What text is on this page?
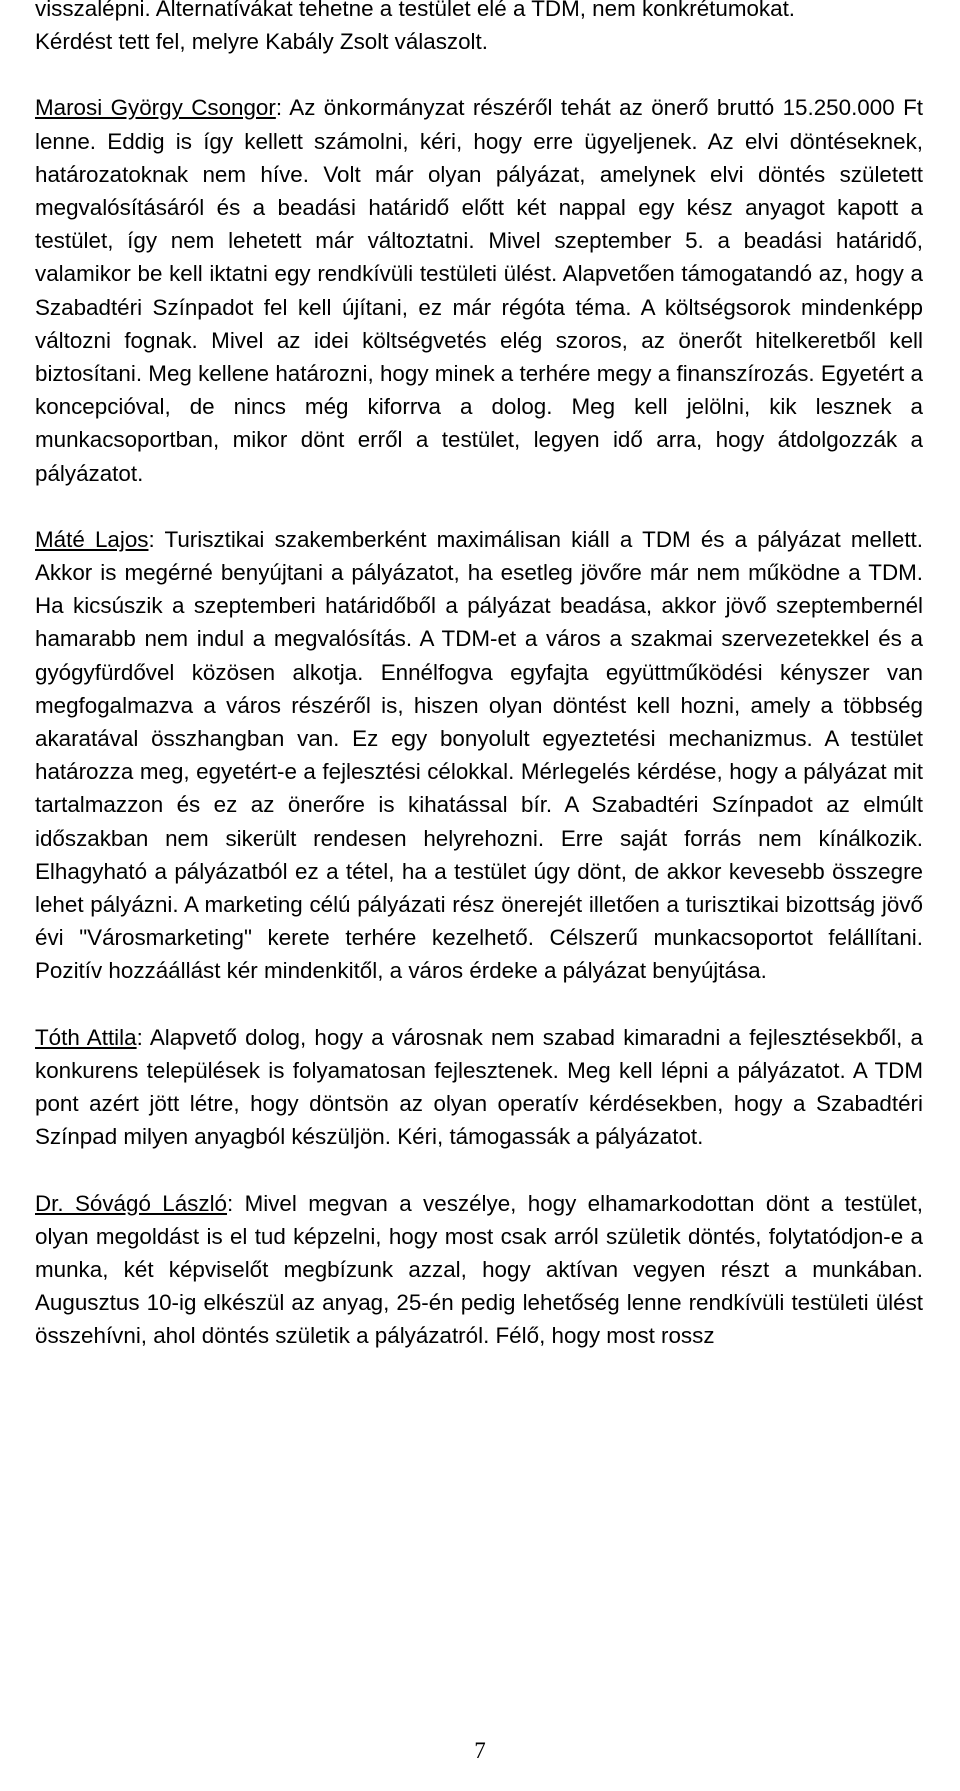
visszalépni. Alternatívákat tehetne a testület elé a TDM, nem konkrétumokat.

Kérdést tett fel, melyre Kabály Zsolt válaszolt.

Marosi György Csongor: Az önkormányzat részéről tehát az önerő bruttó 15.250.000 Ft lenne. Eddig is így kellett számolni, kéri, hogy erre ügyeljenek. Az elvi döntéseknek, határozatoknak nem híve. Volt már olyan pályázat, amelynek elvi döntés született megvalósításáról és a beadási határidő előtt két nappal egy kész anyagot kapott a testület, így nem lehetett már változtatni. Mivel szeptember 5. a beadási határidő, valamikor be kell iktatni egy rendkívüli testületi ülést. Alapvetően támogatandó az, hogy a Szabadtéri Színpadot fel kell újítani, ez már régóta téma. A költségsorok mindenképp változni fognak. Mivel az idei költségvetés elég szoros, az önerőt hitelkeretből kell biztosítani. Meg kellene határozni, hogy minek a terhére megy a finanszírozás. Egyetért a koncepcióval, de nincs még kiforrva a dolog. Meg kell jelölni, kik lesznek a munkacsoportban, mikor dönt erről a testület, legyen idő arra, hogy átdolgozzák a pályázatot.

Máté Lajos: Turisztikai szakemberként maximálisan kiáll a TDM és a pályázat mellett. Akkor is megérné benyújtani a pályázatot, ha esetleg jövőre már nem működne a TDM. Ha kicsúszik a szeptemberi határidőből a pályázat beadása, akkor jövő szeptembernél hamarabb nem indul a megvalósítás. A TDM-et a város a szakmai szervezetekkel és a gyógyfürdővel közösen alkotja. Ennélfogva egyfajta együttműködési kényszer van megfogalmazva a város részéről is, hiszen olyan döntést kell hozni, amely a többség akaratával összhangban van. Ez egy bonyolult egyeztetési mechanizmus. A testület határozza meg, egyetért-e a fejlesztési célokkal. Mérlegelés kérdése, hogy a pályázat mit tartalmazzon és ez az önerőre is kihatással bír. A Szabadtéri Színpadot az elmúlt időszakban nem sikerült rendesen helyrehozni. Erre saját forrás nem kínálkozik. Elhagyható a pályázatból ez a tétel, ha a testület úgy dönt, de akkor kevesebb összegre lehet pályázni. A marketing célú pályázati rész önerejét illetően a turisztikai bizottság jövő évi "Városmarketing" kerete terhére kezelhető. Célszerű munkacsoportot felállítani. Pozitív hozzáállást kér mindenkitől, a város érdeke a pályázat benyújtása.

Tóth Attila: Alapvető dolog, hogy a városnak nem szabad kimaradni a fejlesztésekből, a konkurens települések is folyamatosan fejlesztenek. Meg kell lépni a pályázatot. A TDM pont azért jött létre, hogy döntsön az olyan operatív kérdésekben, hogy a Szabadtéri Színpad milyen anyagból készüljön. Kéri, támogassák a pályázatot.

Dr. Sóvágó László: Mivel megvan a veszélye, hogy elhamarkodottan dönt a testület, olyan megoldást is el tud képzelni, hogy most csak arról születik döntés, folytatódjon-e a munka, két képviselőt megbízunk azzal, hogy aktívan vegyen részt a munkában. Augusztus 10-ig elkészül az anyag, 25-én pedig lehetőség lenne rendkívüli testületi ülést összehívni, ahol döntés születik a pályázatról. Félő, hogy most rossz

7
